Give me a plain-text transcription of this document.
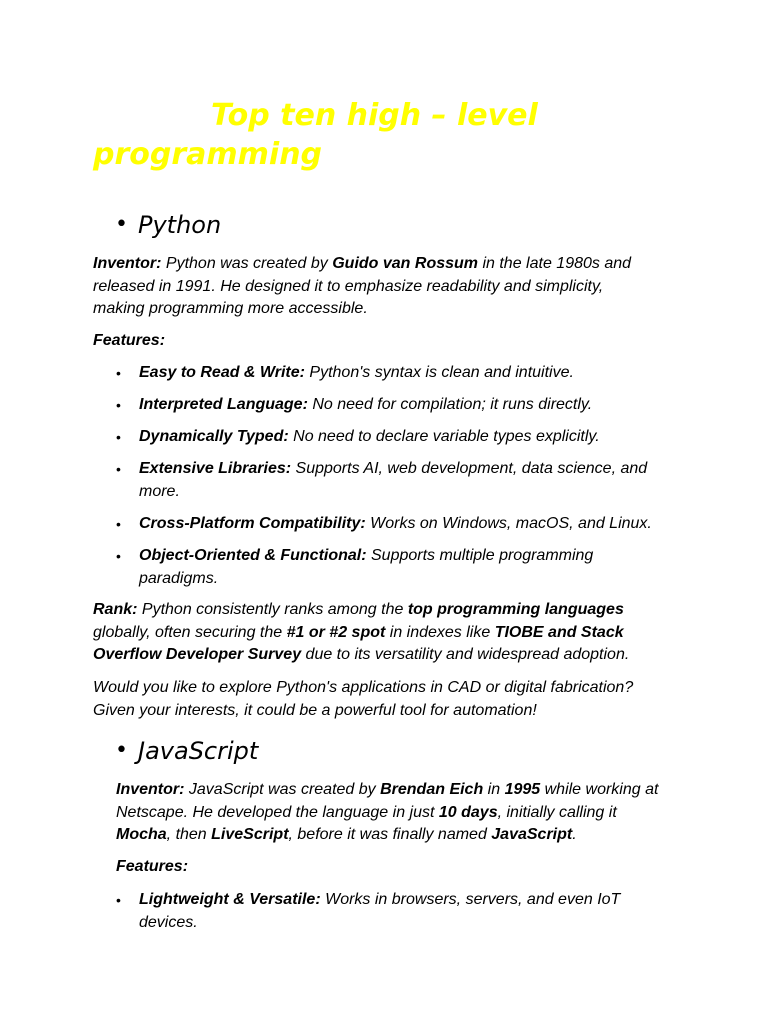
Top ten high – level programming
• Python

Inventor: Python was created by Guido van Rossum in the late 1980s and released in 1991. He designed it to emphasize readability and simplicity, making programming more accessible.

Features:

• Easy to Read & Write: Python's syntax is clean and intuitive.

• Interpreted Language: No need for compilation; it runs directly.

• Dynamically Typed: No need to declare variable types explicitly.

• Extensive Libraries: Supports AI, web development, data science, and more.

• Cross-Platform Compatibility: Works on Windows, macOS, and Linux.

• Object-Oriented & Functional: Supports multiple programming paradigms.

Rank: Python consistently ranks among the top programming languages globally, often securing the #1 or #2 spot in indexes like TIOBE and Stack Overflow Developer Survey due to its versatility and widespread adoption.

Would you like to explore Python's applications in CAD or digital fabrication? Given your interests, it could be a powerful tool for automation!

• JavaScript

Inventor: JavaScript was created by Brendan Eich in 1995 while working at Netscape. He developed the language in just 10 days, initially calling it Mocha, then LiveScript, before it was finally named JavaScript.

Features:

• Lightweight & Versatile: Works in browsers, servers, and even IoT devices.
